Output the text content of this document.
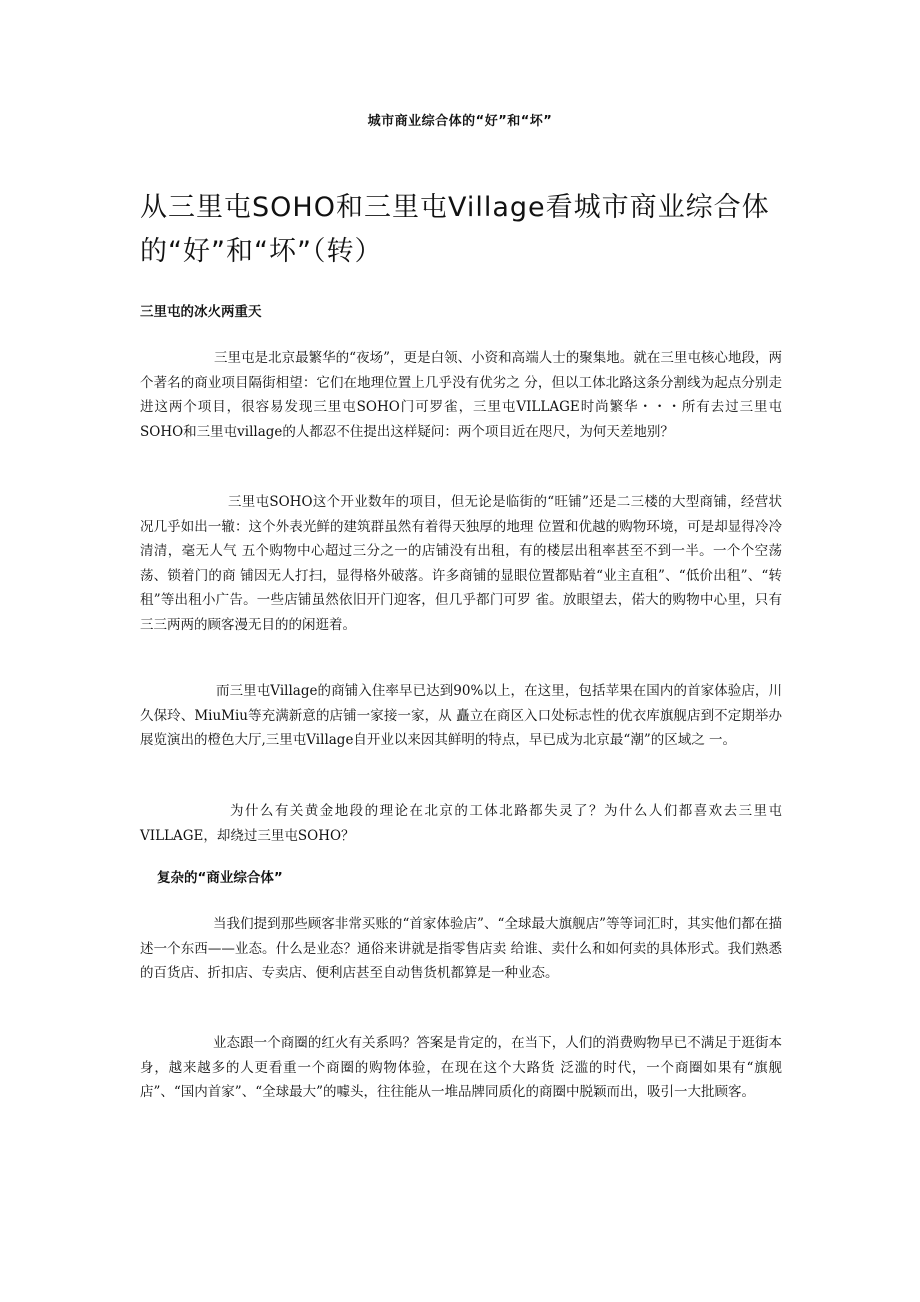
城市商业综合体的“好”和“坏”
从三里屯SOHO和三里屯Village看城市商业综合体的“好”和“坏”（转）
三里屯的冰火两重天

三里屯是北京最繁华的“夜场”，更是白领、小资和高端人士的聚集地。就在三里屯核心地段，两个著名的商业项目隔街相望：它们在地理位置上几乎没有优劣之 分，但以工体北路这条分割线为起点分别走进这两个项目，很容易发现三里屯SOHO门可罗雀，三里屯VILLAGE时尚繁华・・・所有去过三里屯SOHO和三里屯village的人都忍不住提出这样疑问：两个项目近在咫尺，为何天差地别？

三里屯SOHO这个开业数年的项目，但无论是临街的“旺铺”还是二三楼的大型商铺，经营状况几乎如出一辙：这个外表光鲜的建筑群虽然有着得天独厚的地理 位置和优越的购物环境，可是却显得冷冷清清，毫无人气 五个购物中心超过三分之一的店铺没有出租，有的楼层出租率甚至不到一半。一个个空荡荡、锁着门的商 铺因无人打扫，显得格外破落。许多商铺的显眼位置都贴着“业主直租”、“低价出租”、“转租”等出租小广告。一些店铺虽然依旧开门迎客，但几乎都门可罗 雀。放眼望去，偌大的购物中心里，只有三三两两的顾客漫无目的的闲逛着。

而三里屯Village的商铺入住率早已达到90%以上，在这里，包括苹果在国内的首家体验店，川久保玲、MiuMiu等充满新意的店铺一家接一家，从 矗立在商区入口处标志性的优衣库旗舰店到不定期举办展览演出的橙色大厅,三里屯Village自开业以来因其鲜明的特点，早已成为北京最“潮”的区域之 一。

为什么有关黄金地段的理论在北京的工体北路都失灵了？为什么人们都喜欢去三里屯VILLAGE，却绕过三里屯SOHO？

复杂的“商业综合体”

当我们提到那些顾客非常买账的“首家体验店”、“全球最大旗舰店”等等词汇时，其实他们都在描述一个东西——业态。什么是业态？通俗来讲就是指零售店卖 给谁、卖什么和如何卖的具体形式。我们熟悉的百货店、折扣店、专卖店、便利店甚至自动售货机都算是一种业态。

业态跟一个商圈的红火有关系吗？答案是肯定的，在当下，人们的消费购物早已不满足于逛街本身，越来越多的人更看重一个商圈的购物体验，在现在这个大路货 泛滥的时代，一个商圈如果有“旗舰店”、“国内首家”、“全球最大”的噱头，往往能从一堆品牌同质化的商圈中脱颖而出，吸引一大批顾客。
